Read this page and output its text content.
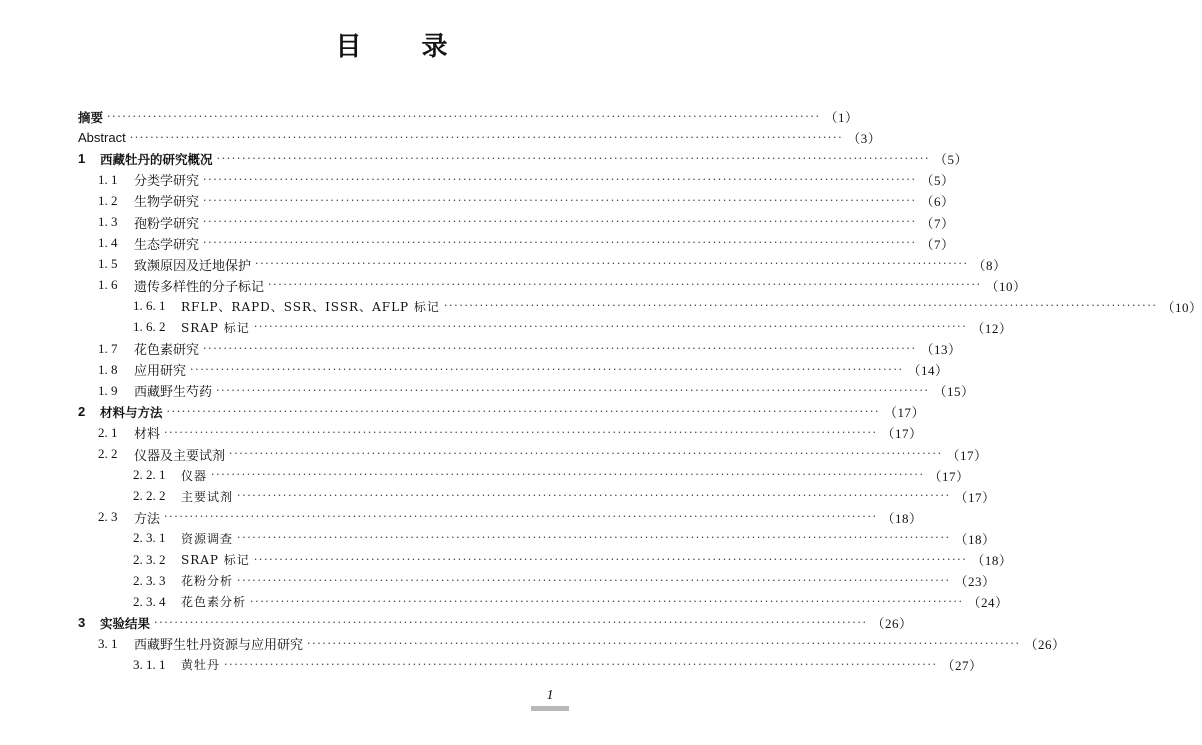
目 录
摘要 ············································································································································ （1）
Abstract ············································································································································ （3）
1	西藏牡丹的研究概况 ············································································································································ （5）
1. 1	分类学研究 ············································································································································ （5）
1. 2	生物学研究 ············································································································································ （6）
1. 3	孢粉学研究 ············································································································································ （7）
1. 4	生态学研究 ············································································································································ （7）
1. 5	致濒原因及迁地保护 ············································································································································ （8）
1. 6	遗传多样性的分子标记 ············································································································································ （10）
1. 6. 1	RFLP、RAPD、SSR、ISSR、AFLP 标记 ············································································································································ （10）
1. 6. 2	SRAP 标记 ············································································································································ （12）
1. 7	花色素研究 ············································································································································ （13）
1. 8	应用研究 ············································································································································ （14）
1. 9	西藏野生芍药 ············································································································································ （15）
2	材料与方法 ············································································································································ （17）
2. 1	材料 ············································································································································ （17）
2. 2	仪器及主要试剂 ············································································································································ （17）
2. 2. 1	仪器 ············································································································································ （17）
2. 2. 2	主要试剂 ············································································································································ （17）
2. 3	方法 ············································································································································ （18）
2. 3. 1	资源调查 ············································································································································ （18）
2. 3. 2	SRAP 标记 ············································································································································ （18）
2. 3. 3	花粉分析 ············································································································································ （23）
2. 3. 4	花色素分析 ············································································································································ （24）
3	实验结果 ············································································································································ （26）
3. 1	西藏野生牡丹资源与应用研究 ············································································································································ （26）
3. 1. 1	黄牡丹 ············································································································································ （27）
1
